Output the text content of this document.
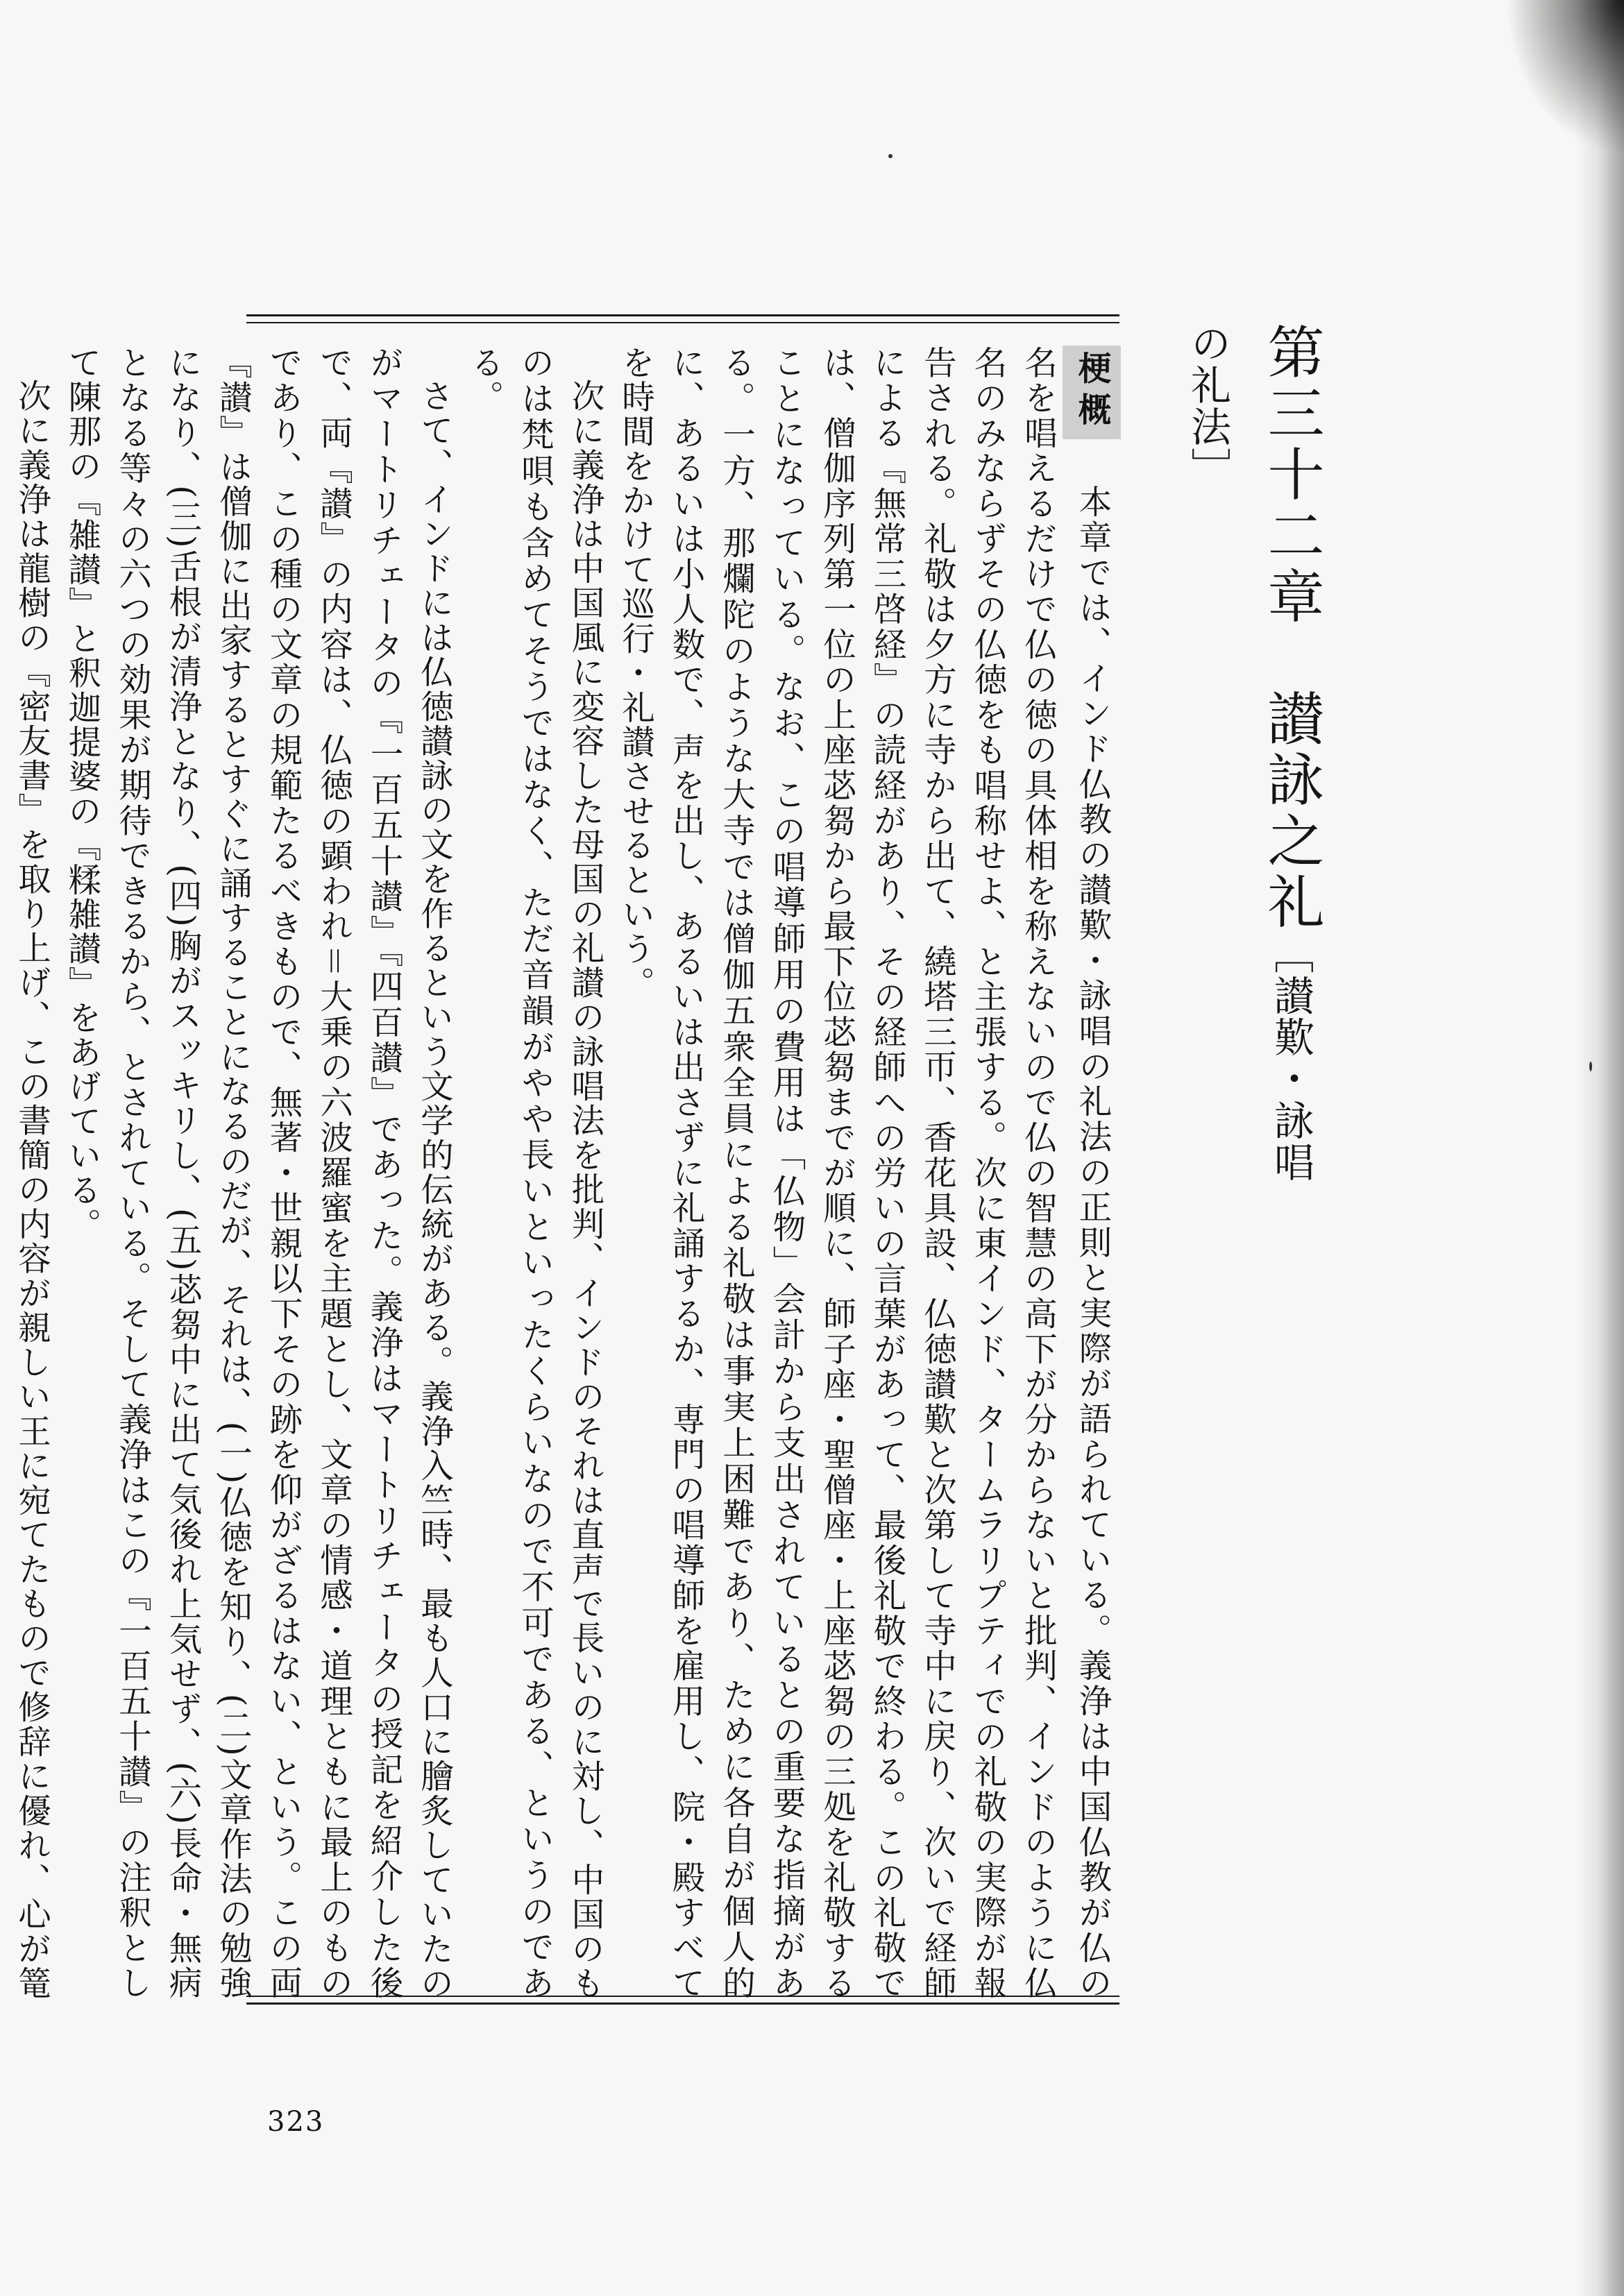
第三十二章　讃詠之礼［讃歎・詠唱の礼法］

梗概　本章では、インド仏教の讃歎・詠唱の礼法の正則と実際が語られている。義浄は中国仏教が仏の名を唱えるだけで仏の徳の具体相を称えないので仏の智慧の高下が分からないと批判、インドのように仏名のみならずその仏徳をも唱称せよ、と主張する。次に東インド、タームラリプティでの礼敬の実際が報告される。礼敬は夕方に寺から出て、繞塔三帀、香花具設、仏徳讃歎と次第して寺中に戻り、次いで経師による『無常三啓経』の読経があり、その経師への労いの言葉があって、最後礼敬で終わる。この礼敬では、僧伽序列第一位の上座苾芻から最下位苾芻までが順に、師子座・聖僧座・上座苾芻の三処を礼敬することになっている。なお、この唱導師用の費用は「仏物」会計から支出されているとの重要な指摘がある。一方、那爛陀のような大寺では僧伽五衆全員による礼敬は事実上困難であり、ために各自が個人的に、あるいは小人数で、声を出し、あるいは出さずに礼誦するか、専門の唱導師を雇用し、院・殿すべてを時間をかけて巡行・礼讃させるという。

次に義浄は中国風に変容した母国の礼讃の詠唱法を批判、インドのそれは直声で長いのに対し、中国のものは梵唄も含めてそうではなく、ただ音韻がやや長いといったくらいなので不可である、というのである。

さて、インドには仏徳讃詠の文を作るという文学的伝統がある。義浄入竺時、最も人口に膾炙していたのがマートリチェータの『一百五十讃』『四百讃』であった。義浄はマートリチェータの授記を紹介した後で、両『讃』の内容は、仏徳の顕われ＝大乗の六波羅蜜を主題とし、文章の情感・道理ともに最上のものであり、この種の文章の規範たるべきもので、無著・世親以下その跡を仰がざるはない、という。この両『讃』は僧伽に出家するとすぐに誦することになるのだが、それは、(一)仏徳を知り、(二)文章作法の勉強になり、(三)舌根が清浄となり、(四)胸がスッキリし、(五)苾芻中に出て気後れ上気せず、(六)長命・無病となる等々の六つの効果が期待できるから、とされている。そして義浄はこの『一百五十讃』の注釈として陳那の『雑讃』と釈迦提婆の『糅雑讃』をあげている。

次に義浄は龍樹の『密友書』を取り上げ、この書簡の内容が親しい王に宛てたもので修辞に優れ、心が篭

323
